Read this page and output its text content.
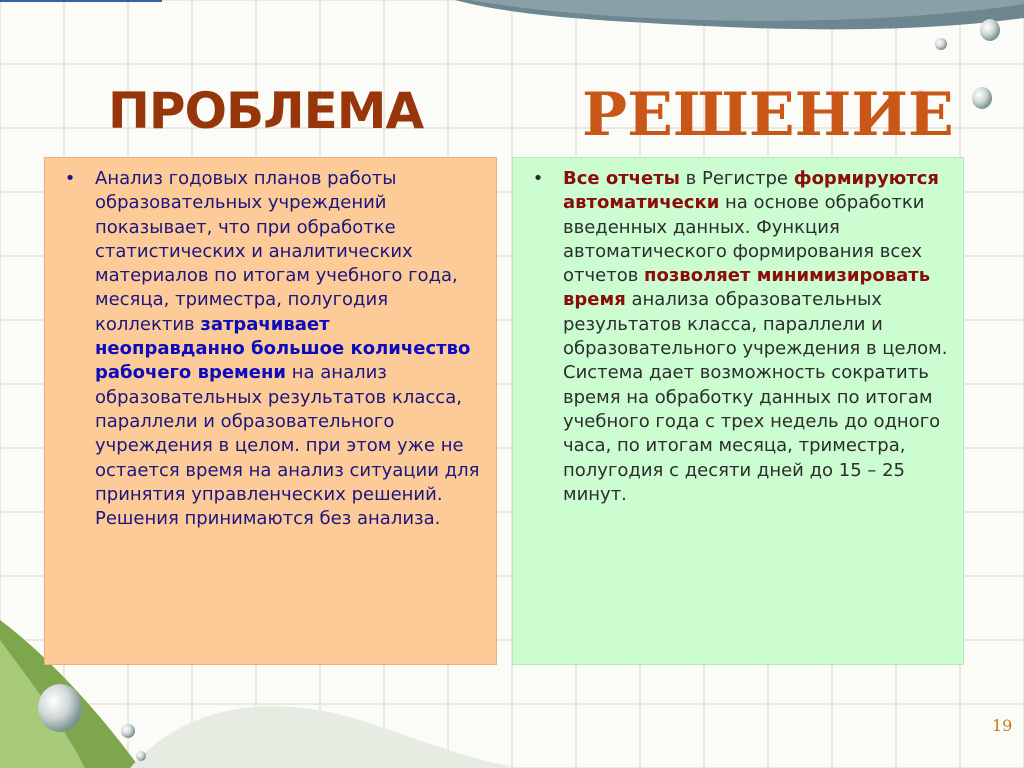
ПРОБЛЕМА	РЕШЕНИЕ
•	Анализ годовых планов работы образовательных учреждений показывает, что при обработке статистических и аналитических материалов по итогам учебного года, месяца, триместра, полугодия коллектив затрачивает неоправданно большое количество рабочего времени на анализ образовательных результатов класса, параллели и образовательного учреждения в целом. при этом уже не остается время на анализ ситуации для принятия управленческих решений. Решения принимаются без анализа.
•	Все отчеты в Регистре формируются автоматически на основе обработки введенных данных. Функция автоматического формирования всех отчетов позволяет минимизировать время анализа образовательных результатов класса, параллели и образовательного учреждения в целом. Система дает возможность сократить время на обработку данных по итогам учебного года с трех недель до одного часа, по итогам месяца, триместра, полугодия с десяти дней до 15 – 25 минут.
19
